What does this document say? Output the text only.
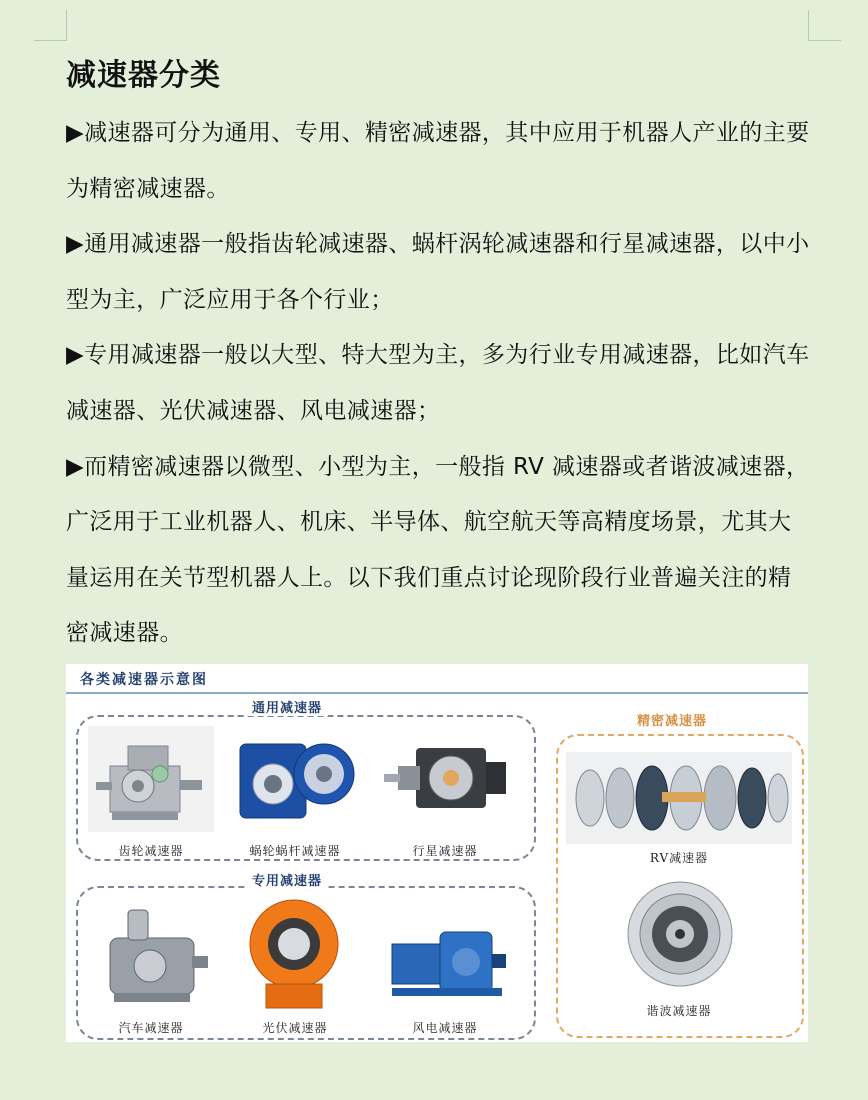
减速器分类

▶减速器可分为通用、专用、精密减速器，其中应用于机器人产业的主要为精密减速器。

▶通用减速器一般指齿轮减速器、蜗杆涡轮减速器和行星减速器，以中小型为主，广泛应用于各个行业；

▶专用减速器一般以大型、特大型为主，多为行业专用减速器，比如汽车减速器、光伏减速器、风电减速器；

▶而精密减速器以微型、小型为主，一般指 RV 减速器或者谐波减速器，广泛用于工业机器人、机床、半导体、航空航天等高精度场景，尤其大量运用在关节型机器人上。以下我们重点讨论现阶段行业普遍关注的精密减速器。

各类减速器示意图
通用减速器
专用减速器
精密减速器
齿轮减速器	蜗轮蜗杆减速器	行星减速器
汽车减速器	光伏减速器	风电减速器
RV减速器
谐波减速器
